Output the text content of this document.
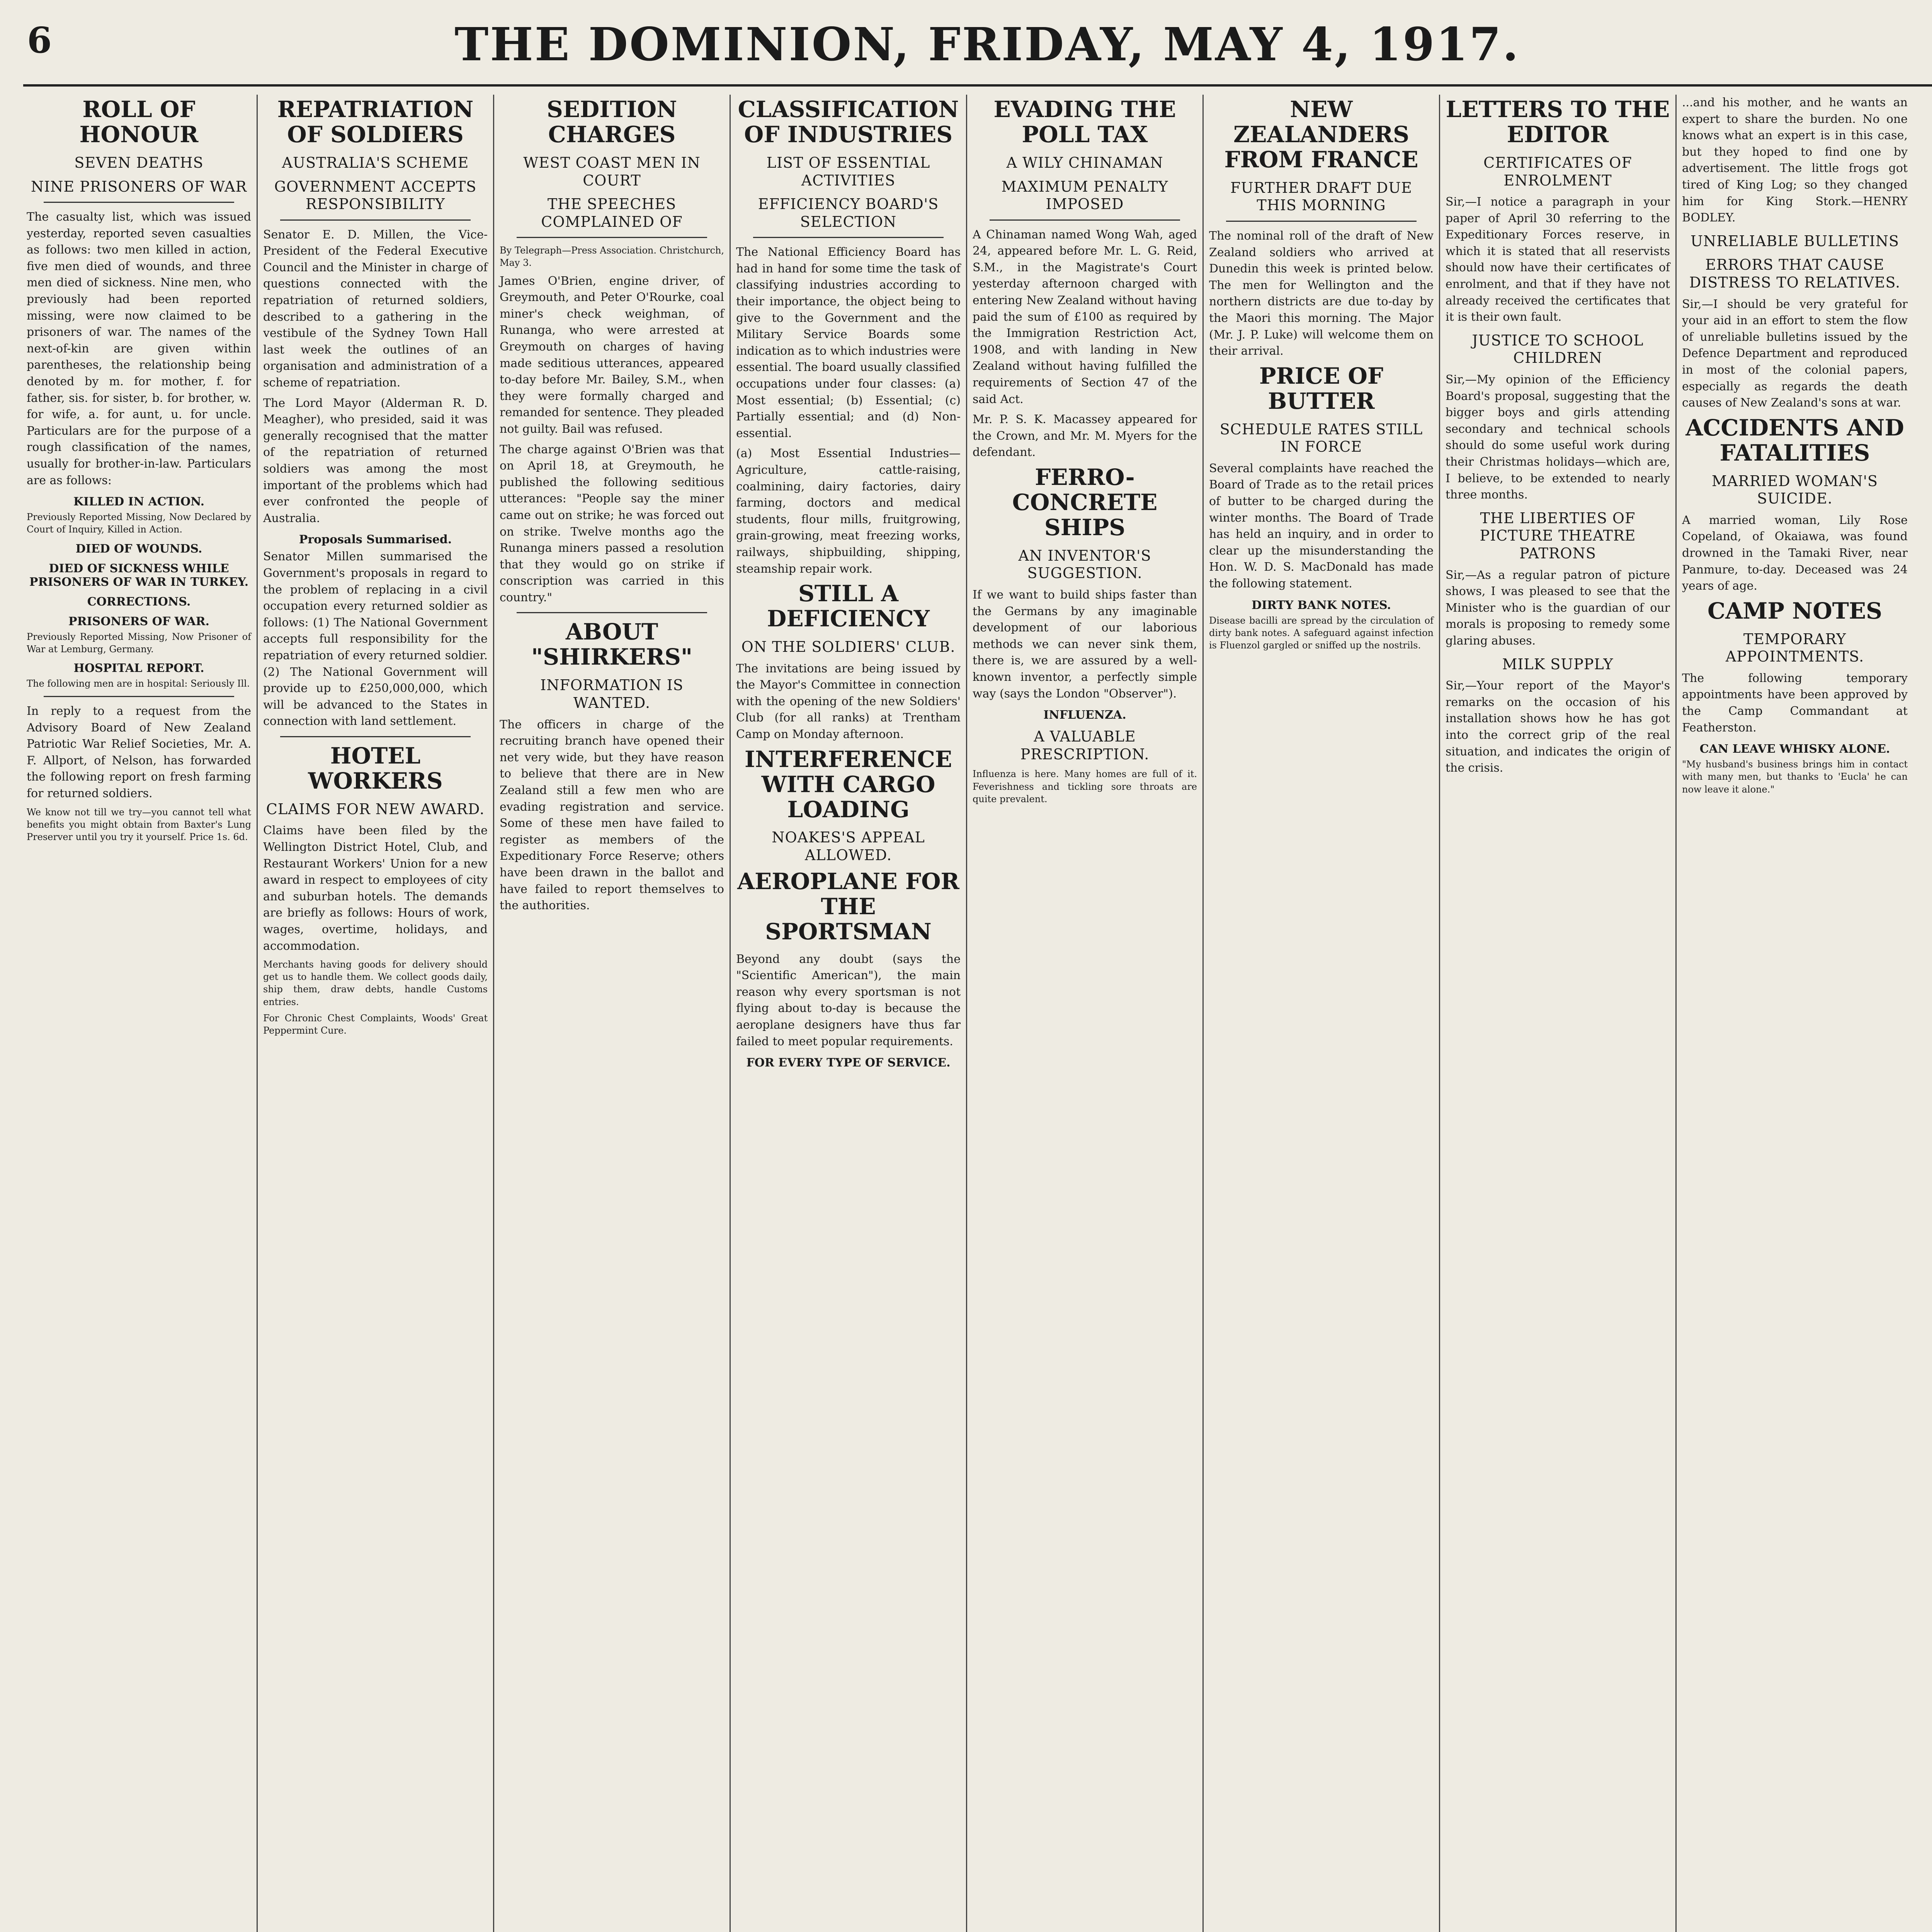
6	THE DOMINION, FRIDAY, MAY 4, 1917.
ROLL OF HONOUR
SEVEN DEATHS
NINE PRISONERS OF WAR

The casualty list, which was issued yesterday, reported seven casualties as follows: two men killed in action, five men died of wounds, and three men died of sickness. Nine men, who previously had been reported missing, were now claimed to be prisoners of war. The names of the next-of-kin are given within parentheses, the relationship being denoted by m. for mother, f. for father, sis. for sister, b. for brother, w. for wife, a. for aunt, u. for uncle. Particulars are for the purpose of a rough classification of the names, usually for brother-in-law. Particulars are as follows:

KILLED IN ACTION.

Previously Reported Missing, Now Declared by Court of Inquiry, Killed in Action.

DIED OF WOUNDS.
DIED OF SICKNESS WHILE PRISONERS OF WAR IN TURKEY.
CORRECTIONS.
PRISONERS OF WAR.

Previously Reported Missing, Now Prisoner of War at Lemburg, Germany.

HOSPITAL REPORT.

The following men are in hospital: Seriously Ill.

In reply to a request from the Advisory Board of New Zealand Patriotic War Relief Societies, Mr. A. F. Allport, of Nelson, has forwarded the following report on fresh farming for returned soldiers.

We know not till we try—you cannot tell what benefits you might obtain from Baxter's Lung Preserver until you try it yourself. Price 1s. 6d.

REPATRIATION OF SOLDIERS
AUSTRALIA'S SCHEME
GOVERNMENT ACCEPTS RESPONSIBILITY

Senator E. D. Millen, the Vice-President of the Federal Executive Council and the Minister in charge of questions connected with the repatriation of returned soldiers, described to a gathering in the vestibule of the Sydney Town Hall last week the outlines of an organisation and administration of a scheme of repatriation.

The Lord Mayor (Alderman R. D. Meagher), who presided, said it was generally recognised that the matter of the repatriation of returned soldiers was among the most important of the problems which had ever confronted the people of Australia.

Proposals Summarised.

Senator Millen summarised the Government's proposals in regard to the problem of replacing in a civil occupation every returned soldier as follows: (1) The National Government accepts full responsibility for the repatriation of every returned soldier. (2) The National Government will provide up to £250,000,000, which will be advanced to the States in connection with land settlement.

HOTEL WORKERS
CLAIMS FOR NEW AWARD.

Claims have been filed by the Wellington District Hotel, Club, and Restaurant Workers' Union for a new award in respect to employees of city and suburban hotels. The demands are briefly as follows: Hours of work, wages, overtime, holidays, and accommodation.

Merchants having goods for delivery should get us to handle them. We collect goods daily, ship them, draw debts, handle Customs entries.

For Chronic Chest Complaints, Woods' Great Peppermint Cure.

SEDITION CHARGES
WEST COAST MEN IN COURT
THE SPEECHES COMPLAINED OF

By Telegraph—Press Association. Christchurch, May 3.

James O'Brien, engine driver, of Greymouth, and Peter O'Rourke, coal miner's check weighman, of Runanga, who were arrested at Greymouth on charges of having made seditious utterances, appeared to-day before Mr. Bailey, S.M., when they were formally charged and remanded for sentence. They pleaded not guilty. Bail was refused.

The charge against O'Brien was that on April 18, at Greymouth, he published the following seditious utterances: "People say the miner came out on strike; he was forced out on strike. Twelve months ago the Runanga miners passed a resolution that they would go on strike if conscription was carried in this country."

ABOUT "SHIRKERS"
INFORMATION IS WANTED.

The officers in charge of the recruiting branch have opened their net very wide, but they have reason to believe that there are in New Zealand still a few men who are evading registration and service. Some of these men have failed to register as members of the Expeditionary Force Reserve; others have been drawn in the ballot and have failed to report themselves to the authorities.

CLASSIFICATION OF INDUSTRIES
LIST OF ESSENTIAL ACTIVITIES
EFFICIENCY BOARD'S SELECTION

The National Efficiency Board has had in hand for some time the task of classifying industries according to their importance, the object being to give to the Government and the Military Service Boards some indication as to which industries were essential. The board usually classified occupations under four classes: (a) Most essential; (b) Essential; (c) Partially essential; and (d) Non-essential.

(a) Most Essential Industries—Agriculture, cattle-raising, coalmining, dairy factories, dairy farming, doctors and medical students, flour mills, fruitgrowing, grain-growing, meat freezing works, railways, shipbuilding, shipping, steamship repair work.

STILL A DEFICIENCY
ON THE SOLDIERS' CLUB.

The invitations are being issued by the Mayor's Committee in connection with the opening of the new Soldiers' Club (for all ranks) at Trentham Camp on Monday afternoon.

INTERFERENCE WITH CARGO LOADING
NOAKES'S APPEAL ALLOWED.
AEROPLANE FOR THE SPORTSMAN

Beyond any doubt (says the "Scientific American"), the main reason why every sportsman is not flying about to-day is because the aeroplane designers have thus far failed to meet popular requirements.

FOR EVERY TYPE OF SERVICE.
EVADING THE POLL TAX
A WILY CHINAMAN
MAXIMUM PENALTY IMPOSED

A Chinaman named Wong Wah, aged 24, appeared before Mr. L. G. Reid, S.M., in the Magistrate's Court yesterday afternoon charged with entering New Zealand without having paid the sum of £100 as required by the Immigration Restriction Act, 1908, and with landing in New Zealand without having fulfilled the requirements of Section 47 of the said Act.

Mr. P. S. K. Macassey appeared for the Crown, and Mr. M. Myers for the defendant.

FERRO-CONCRETE SHIPS
AN INVENTOR'S SUGGESTION.

If we want to build ships faster than the Germans by any imaginable development of our laborious methods we can never sink them, there is, we are assured by a well-known inventor, a perfectly simple way (says the London "Observer").

INFLUENZA.
A VALUABLE PRESCRIPTION.

Influenza is here. Many homes are full of it. Feverishness and tickling sore throats are quite prevalent.

NEW ZEALANDERS FROM FRANCE
FURTHER DRAFT DUE THIS MORNING

The nominal roll of the draft of New Zealand soldiers who arrived at Dunedin this week is printed below. The men for Wellington and the northern districts are due to-day by the Maori this morning. The Major (Mr. J. P. Luke) will welcome them on their arrival.

PRICE OF BUTTER
SCHEDULE RATES STILL IN FORCE

Several complaints have reached the Board of Trade as to the retail prices of butter to be charged during the winter months. The Board of Trade has held an inquiry, and in order to clear up the misunderstanding the Hon. W. D. S. MacDonald has made the following statement.

DIRTY BANK NOTES.

Disease bacilli are spread by the circulation of dirty bank notes. A safeguard against infection is Fluenzol gargled or sniffed up the nostrils.

LETTERS TO THE EDITOR
CERTIFICATES OF ENROLMENT

Sir,—I notice a paragraph in your paper of April 30 referring to the Expeditionary Forces reserve, in which it is stated that all reservists should now have their certificates of enrolment, and that if they have not already received the certificates that it is their own fault.

JUSTICE TO SCHOOL CHILDREN

Sir,—My opinion of the Efficiency Board's proposal, suggesting that the bigger boys and girls attending secondary and technical schools should do some useful work during their Christmas holidays—which are, I believe, to be extended to nearly three months.

THE LIBERTIES OF PICTURE THEATRE PATRONS

Sir,—As a regular patron of picture shows, I was pleased to see that the Minister who is the guardian of our morals is proposing to remedy some glaring abuses.

MILK SUPPLY

Sir,—Your report of the Mayor's remarks on the occasion of his installation shows how he has got into the correct grip of the real situation, and indicates the origin of the crisis.

...and his mother, and he wants an expert to share the burden. No one knows what an expert is in this case, but they hoped to find one by advertisement. The little frogs got tired of King Log; so they changed him for King Stork.—HENRY BODLEY.

UNRELIABLE BULLETINS
ERRORS THAT CAUSE DISTRESS TO RELATIVES.

Sir,—I should be very grateful for your aid in an effort to stem the flow of unreliable bulletins issued by the Defence Department and reproduced in most of the colonial papers, especially as regards the death causes of New Zealand's sons at war.

ACCIDENTS AND FATALITIES
MARRIED WOMAN'S SUICIDE.

A married woman, Lily Rose Copeland, of Okaiawa, was found drowned in the Tamaki River, near Panmure, to-day. Deceased was 24 years of age.

CAMP NOTES
TEMPORARY APPOINTMENTS.

The following temporary appointments have been approved by the Camp Commandant at Featherston.

CAN LEAVE WHISKY ALONE.

"My husband's business brings him in contact with many men, but thanks to 'Eucla' he can now leave it alone."
